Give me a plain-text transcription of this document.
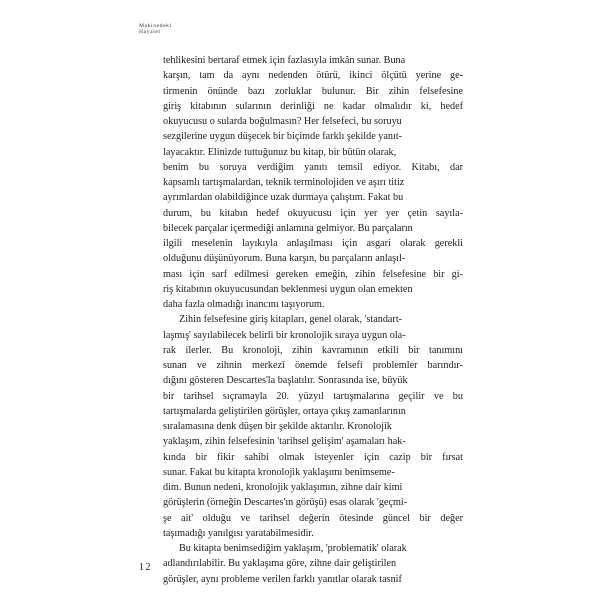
Makinedeki
Hayalet
tehlikesini bertaraf etmek için fazlasıyla imkân sunar. Buna
karşın, tam da aynı nedenden ötürü, ikinci ölçütü yerine ge-
tirmenin önünde bazı zorluklar bulunur. Bir zihin felsefesine
giriş kitabının sularının derinliği ne kadar olmalıdır ki, hedef
okuyucusu o sularda boğulmasın? Her felsefeci, bu soruyu
sezgilerine uygun düşecek bir biçimde farklı şekilde yanıt-
layacaktır. Elinizde tuttuğunuz bu kitap, bir bütün olarak,
benim bu soruya verdiğim yanıtı temsil ediyor. Kitabı, dar
kapsamlı tartışmalardan, teknik terminolojiden ve aşırı titiz
ayrımlardan olabildiğince uzak durmaya çalıştım. Fakat bu
durum, bu kitabın hedef okuyucusu için yer yer çetin sayıla-
bilecek parçalar içermediği anlamına gelmiyor. Bu parçaların
ilgili meselenin layıkıyla anlaşılması için asgari olarak gerekli
olduğunu düşünüyorum. Buna karşın, bu parçaların anlaşıl-
ması için sarf edilmesi gereken emeğin, zihin felsefesine bir gi-
riş kitabının okuyucusundan beklenmesi uygun olan emekten
daha fazla olmadığı inancını taşıyorum.
Zihin felsefesine giriş kitapları, genel olarak, 'standart-
laşmış' sayılabilecek belirli bir kronolojik sıraya uygun ola-
rak ilerler. Bu kronoloji, zihin kavramının etkili bir tanımını
sunan ve zihnin merkezî önemde felsefi problemler barındır-
dığını gösteren Descartes'la başlatılır. Sonrasında ise, büyük
bir tarihsel sıçramayla 20. yüzyıl tartışmalarına geçilir ve bu
tartışmalarda geliştirilen görüşler, ortaya çıkış zamanlarının
sıralamasına denk düşen bir şekilde aktarılır. Kronolojik
yaklaşım, zihin felsefesinin 'tarihsel gelişim' aşamaları hak-
kında bir fikir sahibi olmak isteyenler için cazip bir fırsat
sunar. Fakat bu kitapta kronolojik yaklaşımı benimseme-
dim. Bunun nedeni, kronolojik yaklaşımın, zihne dair kimi
görüşlerin (örneğin Descartes'ın görüşü) esas olarak 'geçmi-
şe ait' olduğu ve tarihsel değerin ötesinde güncel bir değer
taşımadığı yanılgısı yaratabilmesidir.
Bu kitapta benimsediğim yaklaşım, 'problematik' olarak
adlandırılabilir. Bu yaklaşıma göre, zihne dair geliştirilen
görüşler, aynı probleme verilen farklı yanıtlar olarak tasnif
12
